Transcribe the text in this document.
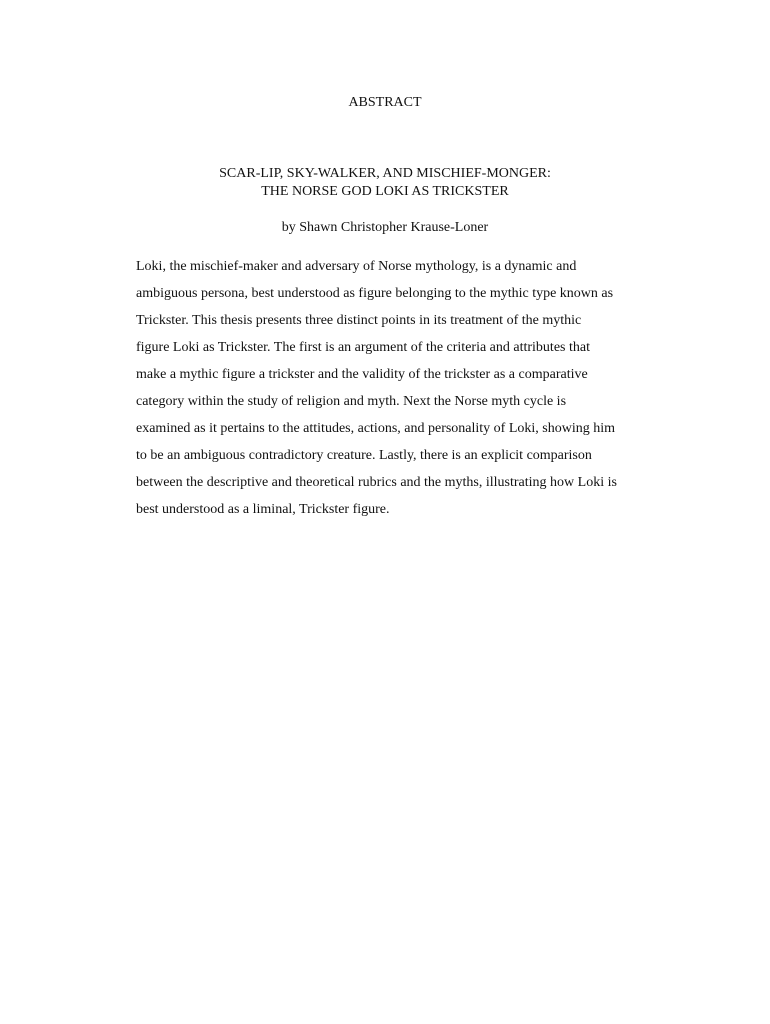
ABSTRACT
SCAR-LIP, SKY-WALKER, AND MISCHIEF-MONGER:
THE NORSE GOD LOKI AS TRICKSTER
by Shawn Christopher Krause-Loner

Loki, the mischief-maker and adversary of Norse mythology, is a dynamic and
ambiguous persona, best understood as figure belonging to the mythic type known as
Trickster. This thesis presents three distinct points in its treatment of the mythic
figure Loki as Trickster. The first is an argument of the criteria and attributes that
make a mythic figure a trickster and the validity of the trickster as a comparative
category within the study of religion and myth. Next the Norse myth cycle is
examined as it pertains to the attitudes, actions, and personality of Loki, showing him
to be an ambiguous contradictory creature. Lastly, there is an explicit comparison
between the descriptive and theoretical rubrics and the myths, illustrating how Loki is
best understood as a liminal, Trickster figure.
